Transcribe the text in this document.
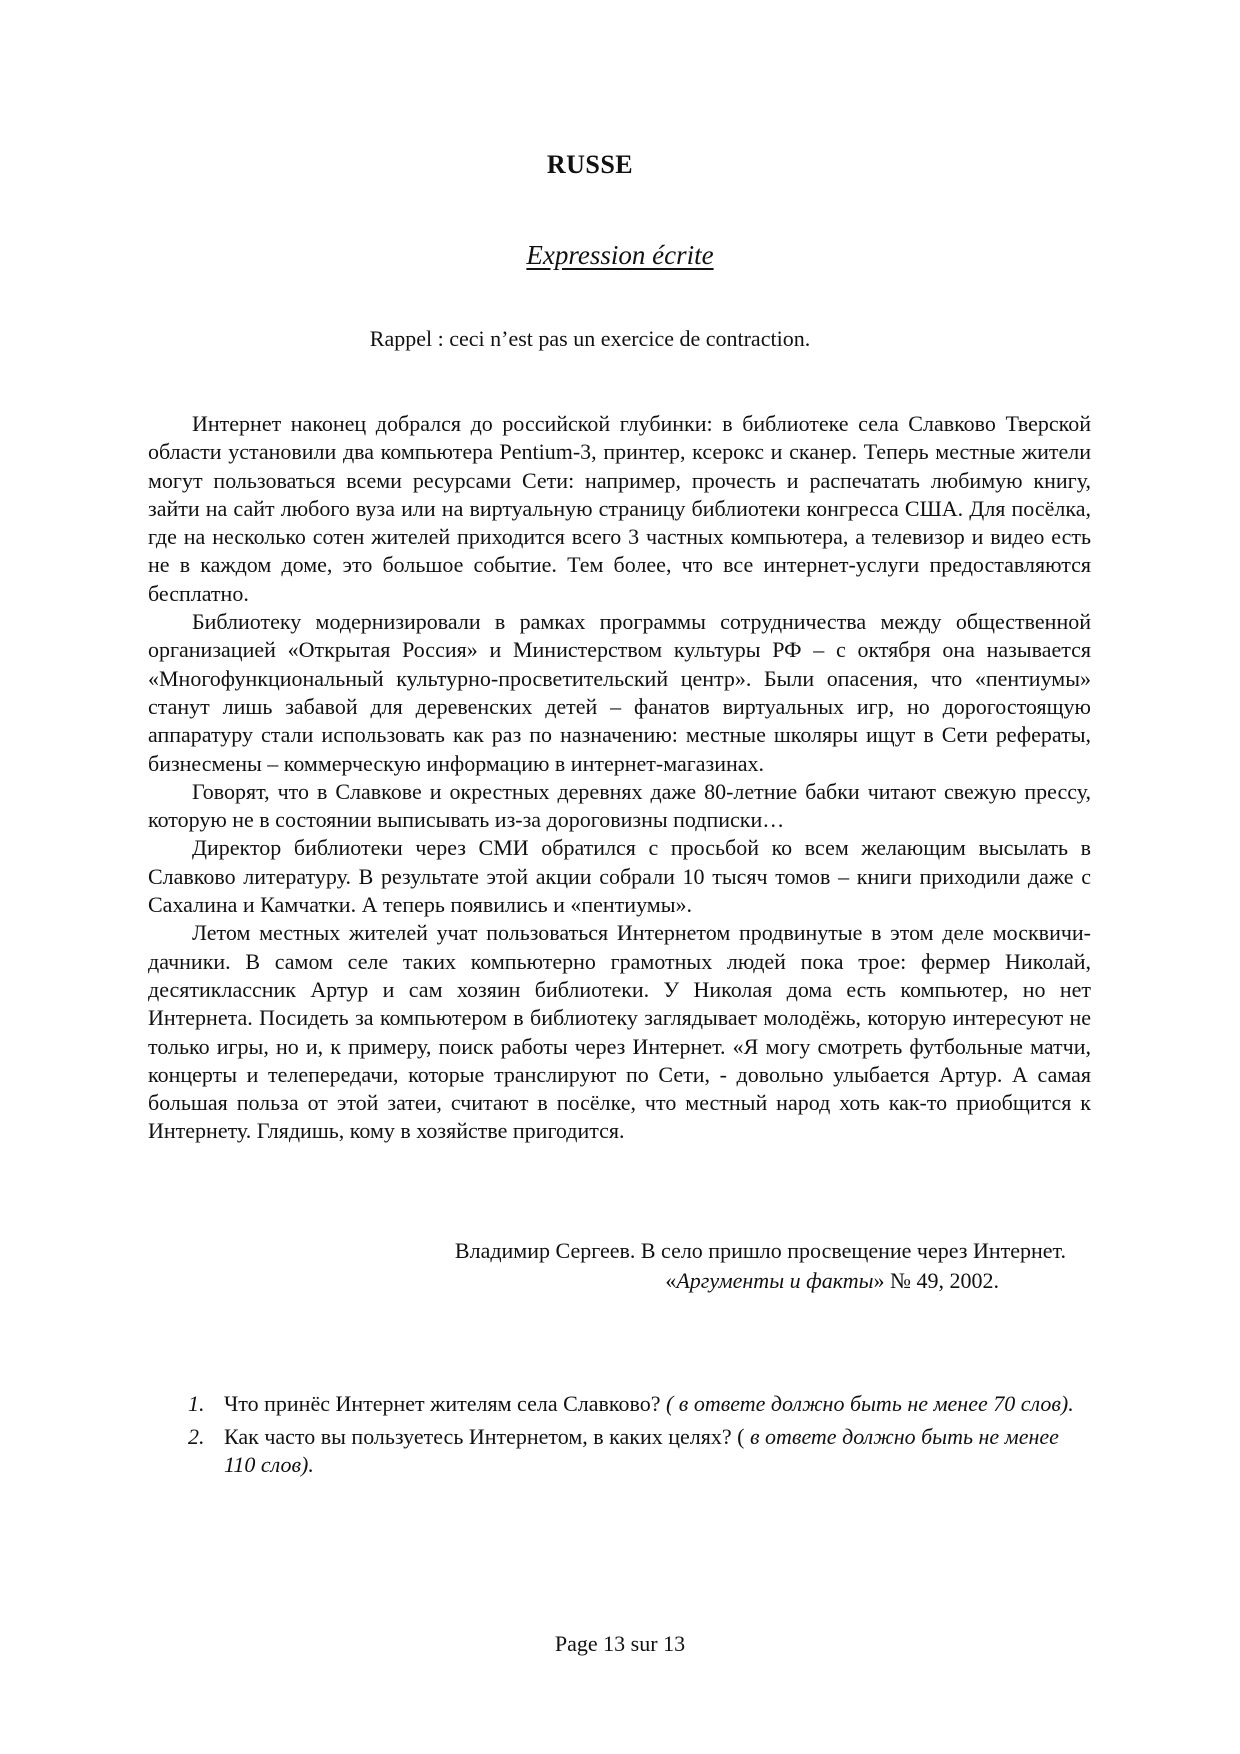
RUSSE
Expression écrite
Rappel : ceci n’est pas un exercice de contraction.

Интернет наконец добрался до российской глубинки: в библиотеке села Славково Тверской области установили два компьютера Pentium-3, принтер, ксерокс и сканер. Теперь местные жители могут пользоваться всеми ресурсами Сети: например, прочесть и распечатать любимую книгу, зайти на сайт любого вуза или на виртуальную страницу библиотеки конгресса США. Для посёлка, где на несколько сотен жителей приходится всего 3 частных компьютера, а телевизор и видео есть не в каждом доме, это большое событие. Тем более, что все интернет-услуги предоставляются бесплатно.

Библиотеку модернизировали в рамках программы сотрудничества между общественной организацией «Открытая Россия» и Министерством культуры РФ – с октября она называется «Многофункциональный культурно-просветительский центр». Были опасения, что «пентиумы» станут лишь забавой для деревенских детей – фанатов виртуальных игр, но дорогостоящую аппаратуру стали использовать как раз по назначению: местные школяры ищут в Сети рефераты, бизнесмены – коммерческую информацию в интернет-магазинах.

Говорят, что в Славкове и окрестных деревнях даже 80-летние бабки читают свежую прессу, которую не в состоянии выписывать из-за дороговизны подписки…

Директор библиотеки через СМИ обратился с просьбой ко всем желающим высылать в Славково литературу. В результате этой акции собрали 10 тысяч томов – книги приходили даже с Сахалина и Камчатки. А теперь появились и «пентиумы».

Летом местных жителей учат пользоваться Интернетом продвинутые в этом деле москвичи-дачники. В самом селе таких компьютерно грамотных людей пока трое: фермер Николай, десятиклассник Артур и сам хозяин библиотеки. У Николая дома есть компьютер, но нет Интернета. Посидеть за компьютером в библиотеку заглядывает молодёжь, которую интересуют не только игры, но и, к примеру, поиск работы через Интернет. «Я могу смотреть футбольные матчи, концерты и телепередачи, которые транслируют по Сети, - довольно улыбается Артур. А самая большая польза от этой затеи, считают в посёлке, что местный народ хоть как-то приобщится к Интернету. Глядишь, кому в хозяйстве пригодится.

Владимир Сергеев. В село пришло просвещение через Интернет.
«Аргументы и факты» № 49, 2002.
1. Что принёс Интернет жителям села Славково? ( в ответе должно быть не менее 70 слов).
2. Как часто вы пользуетесь Интернетом, в каких целях? ( в ответе должно быть не менее 110 слов).
Page 13 sur 13
